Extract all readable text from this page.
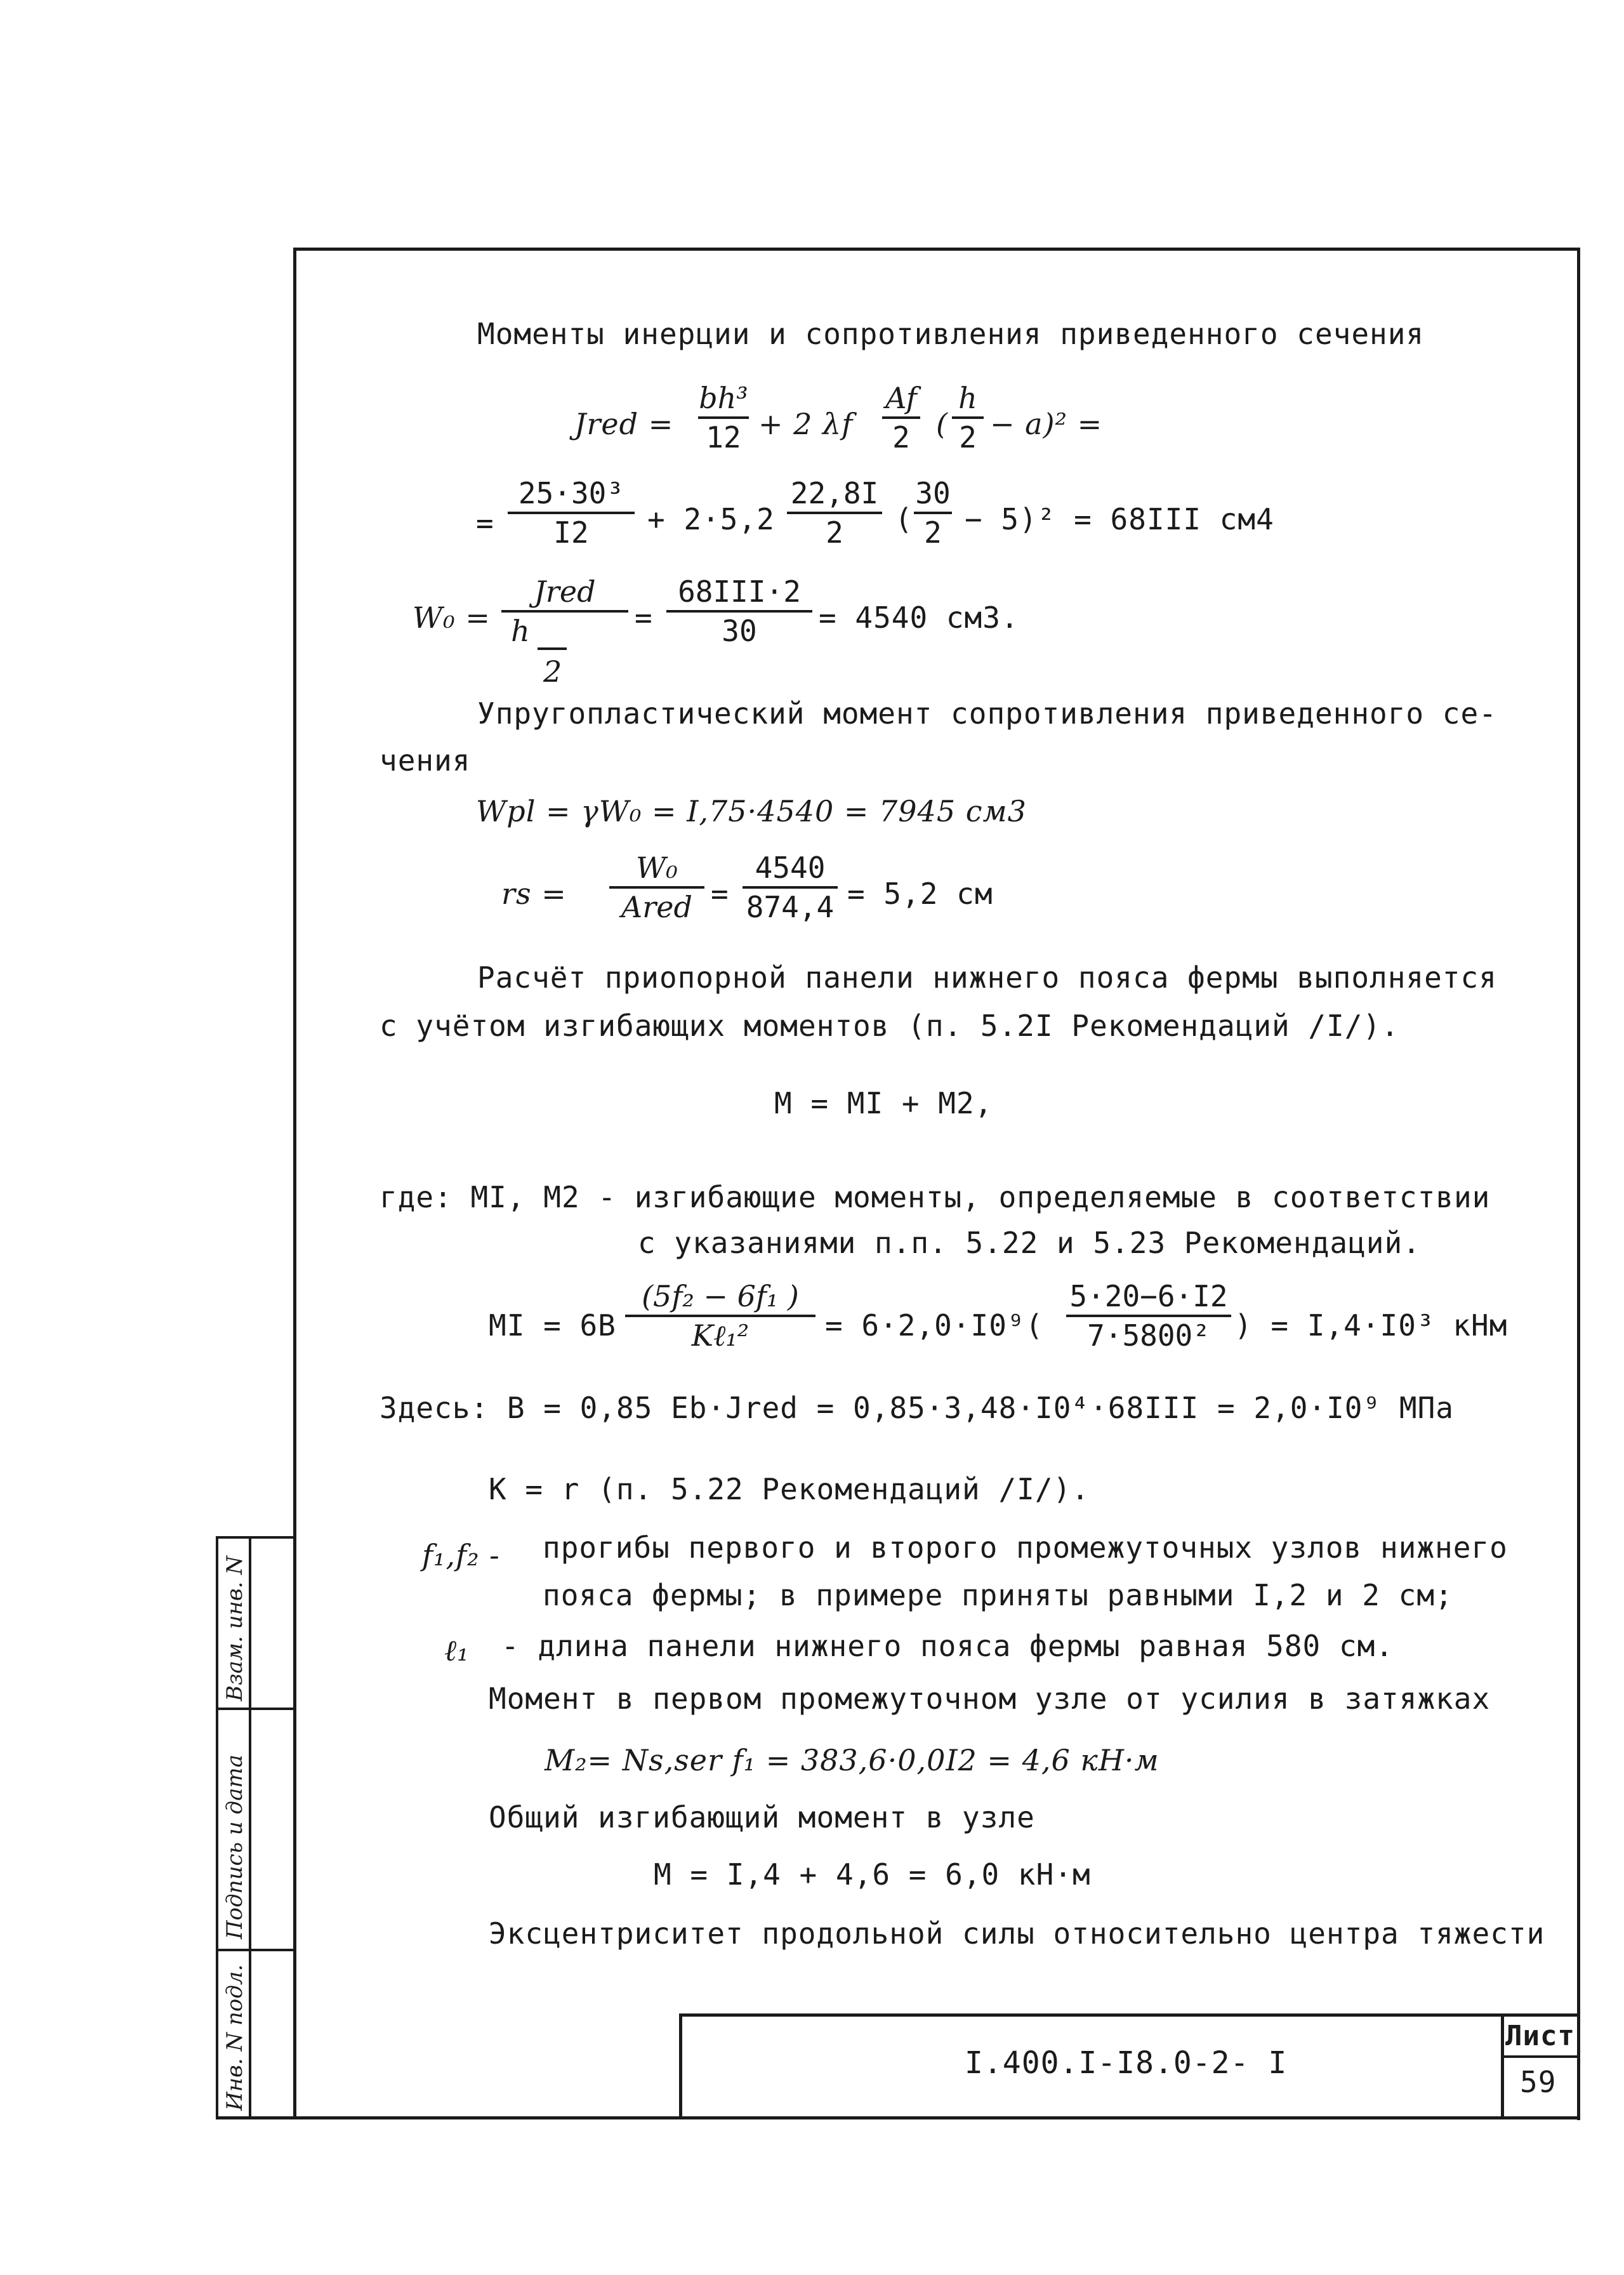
Взам. инв. N
Подпись и дата
Инв. N подл.
Моменты инерции и сопротивления приведенного сечения
Jred =
bh³
12 + 2 λf
Af
2 (
h
2 − a)² =
=
25·30³
I2	+ 2·5,2
22,8I
2	(
30
2 − 5)² = 68III см4
W₀ =
Jred
h
2
=
68III·2
30	= 4540 см3.
Упругопластический момент сопротивления приведенного се-
чения
Wpl = γW₀ = I,75·4540 = 7945 см3
rs =
W₀
Ared =
4540
874,4 = 5,2 см
Расчёт приопорной панели нижнего пояса фермы выполняется
с учётом изгибающих моментов (п. 5.2I Рекомендаций /I/).
M = MI + M2,
где: MI, M2 - изгибающие моменты, определяемые в соответствии
с указаниями п.п. 5.22 и 5.23 Рекомендаций.
MI = 6B
(5f₂ − 6f₁ )
Kℓ₁²	= 6·2,0·I0⁹(
5·20−6·I2
7·5800² ) = I,4·I0³ кНм
Здесь: B = 0,85 Eb·Jred = 0,85·3,48·I0⁴·68III = 2,0·I0⁹ МПа
K = r (п. 5.22 Рекомендаций /I/).
f₁,f₂ - прогибы первого и второго промежуточных узлов нижнего
пояса фермы; в примере приняты равными I,2 и 2 см;
ℓ₁ - длина панели нижнего пояса фермы равная 580 см.
Момент в первом промежуточном узле от усилия в затяжках
M₂= Ns,ser f₁ = 383,6·0,0I2 = 4,6 кН·м
Общий изгибающий момент в узле
M = I,4 + 4,6 = 6,0 кН·м
Эксцентриситет продольной силы относительно центра тяжести
I.400.I-I8.0-2- I
Лист
59
